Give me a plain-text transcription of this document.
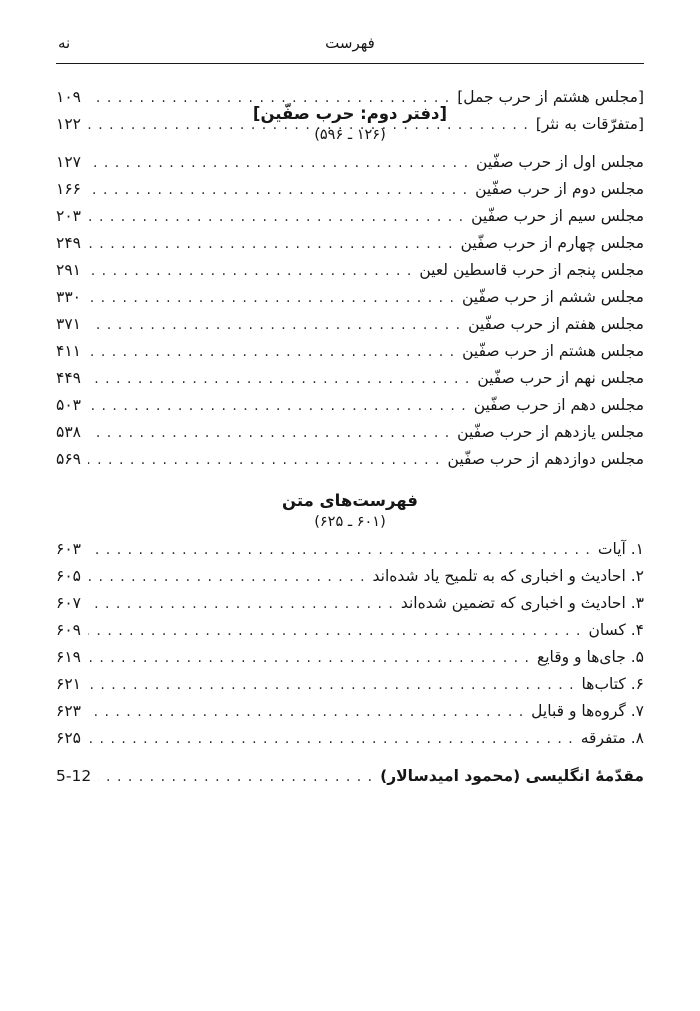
نه	فهرست
[مجلس هشتم از حرب جمل]
. . .
۱۰۹
[متفرّقات به نثر]
. . .
۱۲۲
[دفتر دوم: حرب صفّین]
(۱۲۶ ـ ۵۹۶)
مجلس اول از حرب صفّین
. . .
۱۲۷
مجلس دوم از حرب صفّین
. . .
۱۶۶
مجلس سیم از حرب صفّین
. . .
۲۰۳
مجلس چهارم از حرب صفّین
. . .
۲۴۹
مجلس پنجم از حرب قاسطین لعین
. . .
۲۹۱
مجلس ششم از حرب صفّین
. . .
۳۳۰
مجلس هفتم از حرب صفّین
. . .
۳۷۱
مجلس هشتم از حرب صفّین
. . .
۴۱۱
مجلس نهم از حرب صفّین
. . .
۴۴۹
مجلس دهم از حرب صفّین
. . .
۵۰۳
مجلس یازدهم از حرب صفّین
. . .
۵۳۸
مجلس دوازدهم از حرب صفّین
. . .
۵۶۹
فهرست‌های متن
(۶۰۱ ـ ۶۲۵)
۱. آیات
. . .
۶۰۳
۲. احادیث و اخباری که به تلمیح یاد شده‌اند
. . .
۶۰۵
۳. احادیث و اخباری که تضمین شده‌اند
. . .
۶۰۷
۴. کسان
. . .
۶۰۹
۵. جای‌ها و وقایع
. . .
۶۱۹
۶. کتاب‌ها
. . .
۶۲۱
۷. گروه‌ها و قبایل
. . .
۶۲۳
۸. متفرقه
. . .
۶۲۵
مقدّمهٔ انگلیسی (محمود امیدسالار)
. . .
5-12
